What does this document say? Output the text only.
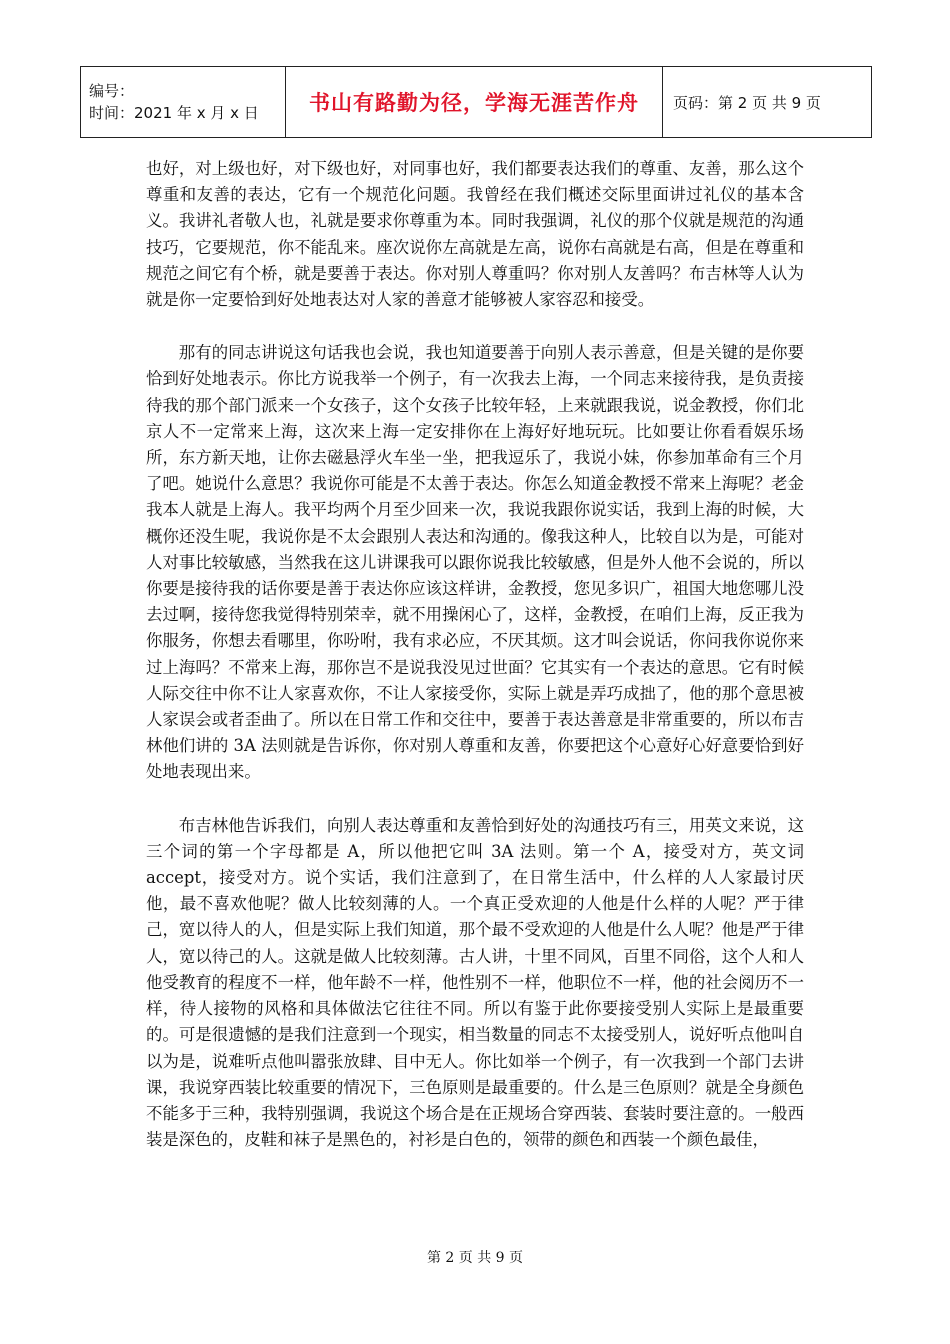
编号：
时间：2021 年 x 月 x 日	书山有路勤为径，学海无涯苦作舟	页码：第 2 页 共 9 页

也好，对上级也好，对下级也好，对同事也好，我们都要表达我们的尊重、友善，那么这个尊重和友善的表达，它有一个规范化问题。我曾经在我们概述交际里面讲过礼仪的基本含义。我讲礼者敬人也，礼就是要求你尊重为本。同时我强调，礼仪的那个仪就是规范的沟通技巧，它要规范，你不能乱来。座次说你左高就是左高，说你右高就是右高，但是在尊重和规范之间它有个桥，就是要善于表达。你对别人尊重吗？你对别人友善吗？布吉林等人认为就是你一定要恰到好处地表达对人家的善意才能够被人家容忍和接受。

那有的同志讲说这句话我也会说，我也知道要善于向别人表示善意，但是关键的是你要恰到好处地表示。你比方说我举一个例子，有一次我去上海，一个同志来接待我，是负责接待我的那个部门派来一个女孩子，这个女孩子比较年轻，上来就跟我说，说金教授，你们北京人不一定常来上海，这次来上海一定安排你在上海好好地玩玩。比如要让你看看娱乐场所，东方新天地，让你去磁悬浮火车坐一坐，把我逗乐了，我说小妹，你参加革命有三个月了吧。她说什么意思？我说你可能是不太善于表达。你怎么知道金教授不常来上海呢？老金我本人就是上海人。我平均两个月至少回来一次，我说我跟你说实话，我到上海的时候，大概你还没生呢，我说你是不太会跟别人表达和沟通的。像我这种人，比较自以为是，可能对人对事比较敏感，当然我在这儿讲课我可以跟你说我比较敏感，但是外人他不会说的，所以你要是接待我的话你要是善于表达你应该这样讲，金教授，您见多识广，祖国大地您哪儿没去过啊，接待您我觉得特别荣幸，就不用操闲心了，这样，金教授，在咱们上海，反正我为你服务，你想去看哪里，你吩咐，我有求必应，不厌其烦。这才叫会说话，你问我你说你来过上海吗？不常来上海，那你岂不是说我没见过世面？它其实有一个表达的意思。它有时候人际交往中你不让人家喜欢你，不让人家接受你，实际上就是弄巧成拙了，他的那个意思被人家误会或者歪曲了。所以在日常工作和交往中，要善于表达善意是非常重要的，所以布吉林他们讲的 3A 法则就是告诉你，你对别人尊重和友善，你要把这个心意好心好意要恰到好处地表现出来。

布吉林他告诉我们，向别人表达尊重和友善恰到好处的沟通技巧有三，用英文来说，这三个词的第一个字母都是 A，所以他把它叫 3A 法则。第一个 A，接受对方，英文词 accept，接受对方。说个实话，我们注意到了，在日常生活中，什么样的人人家最讨厌他，最不喜欢他呢？做人比较刻薄的人。一个真正受欢迎的人他是什么样的人呢？严于律己，宽以待人的人，但是实际上我们知道，那个最不受欢迎的人他是什么人呢？他是严于律人，宽以待己的人。这就是做人比较刻薄。古人讲，十里不同风，百里不同俗，这个人和人他受教育的程度不一样，他年龄不一样，他性别不一样，他职位不一样，他的社会阅历不一样，待人接物的风格和具体做法它往往不同。所以有鉴于此你要接受别人实际上是最重要的。可是很遗憾的是我们注意到一个现实，相当数量的同志不太接受别人，说好听点他叫自以为是，说难听点他叫嚣张放肆、目中无人。你比如举一个例子，有一次我到一个部门去讲课，我说穿西装比较重要的情况下，三色原则是最重要的。什么是三色原则？就是全身颜色不能多于三种，我特别强调，我说这个场合是在正规场合穿西装、套装时要注意的。一般西装是深色的，皮鞋和袜子是黑色的，衬衫是白色的，领带的颜色和西装一个颜色最佳，

第 2 页 共 9 页
